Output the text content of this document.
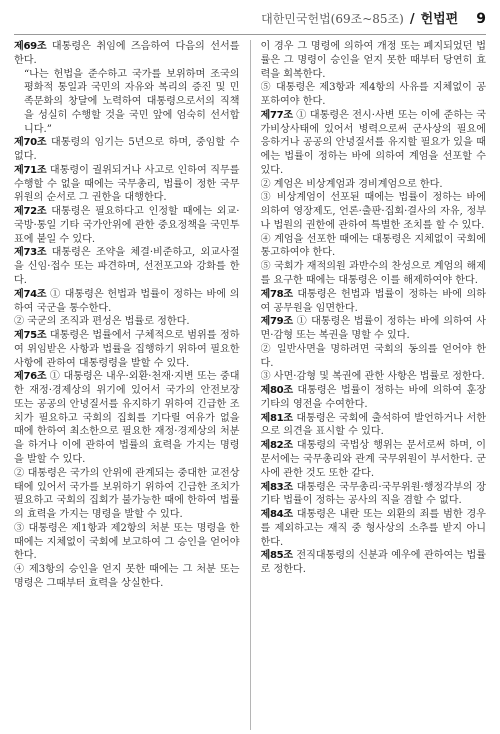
대한민국헌법(69조~85조) / 헌법편 9

제69조 대통령은 취임에 즈음하여 다음의 선서를 한다.

“나는 헌법을 준수하고 국가를 보위하며 조국의 평화적 통일과 국민의 자유와 복리의 증진 및 민족문화의 창달에 노력하여 대통령으로서의 직책을 성실히 수행할 것을 국민 앞에 엄숙히 선서합니다.”

제70조 대통령의 임기는 5년으로 하며, 중임할 수 없다.

제71조 대통령이 궐위되거나 사고로 인하여 직무를 수행할 수 없을 때에는 국무총리, 법률이 정한 국무위원의 순서로 그 권한을 대행한다.

제72조 대통령은 필요하다고 인정할 때에는 외교·국방·통일 기타 국가안위에 관한 중요정책을 국민투표에 붙일 수 있다.

제73조 대통령은 조약을 체결·비준하고, 외교사절을 신임·접수 또는 파견하며, 선전포고와 강화를 한다.

제74조 ① 대통령은 헌법과 법률이 정하는 바에 의하여 국군을 통수한다.

② 국군의 조직과 편성은 법률로 정한다.

제75조 대통령은 법률에서 구체적으로 범위를 정하여 위임받은 사항과 법률을 집행하기 위하여 필요한 사항에 관하여 대통령령을 발할 수 있다.

제76조 ① 대통령은 내우·외환·천재·지변 또는 중대한 재정·경제상의 위기에 있어서 국가의 안전보장 또는 공공의 안녕질서를 유지하기 위하여 긴급한 조치가 필요하고 국회의 집회를 기다릴 여유가 없을 때에 한하여 최소한으로 필요한 재정·경제상의 처분을 하거나 이에 관하여 법률의 효력을 가지는 명령을 발할 수 있다.

② 대통령은 국가의 안위에 관계되는 중대한 교전상태에 있어서 국가를 보위하기 위하여 긴급한 조치가 필요하고 국회의 집회가 불가능한 때에 한하여 법률의 효력을 가지는 명령을 발할 수 있다.

③ 대통령은 제1항과 제2항의 처분 또는 명령을 한 때에는 지체없이 국회에 보고하여 그 승인을 얻어야 한다.

④ 제3항의 승인을 얻지 못한 때에는 그 처분 또는 명령은 그때부터 효력을 상실한다.

이 경우 그 명령에 의하여 개정 또는 폐지되었던 법률은 그 명령이 승인을 얻지 못한 때부터 당연히 효력을 회복한다.

⑤ 대통령은 제3항과 제4항의 사유를 지체없이 공포하여야 한다.

제77조 ① 대통령은 전시·사변 또는 이에 준하는 국가비상사태에 있어서 병력으로써 군사상의 필요에 응하거나 공공의 안녕질서를 유지할 필요가 있을 때에는 법률이 정하는 바에 의하여 계엄을 선포할 수 있다.

② 계엄은 비상계엄과 경비계엄으로 한다.

③ 비상계엄이 선포된 때에는 법률이 정하는 바에 의하여 영장제도, 언론·출판·집회·결사의 자유, 정부나 법원의 권한에 관하여 특별한 조치를 할 수 있다.

④ 계엄을 선포한 때에는 대통령은 지체없이 국회에 통고하여야 한다.

⑤ 국회가 재적의원 과반수의 찬성으로 계엄의 해제를 요구한 때에는 대통령은 이를 해제하여야 한다.

제78조 대통령은 헌법과 법률이 정하는 바에 의하여 공무원을 임면한다.

제79조 ① 대통령은 법률이 정하는 바에 의하여 사면·감형 또는 복권을 명할 수 있다.

② 일반사면을 명하려면 국회의 동의를 얻어야 한다.

③ 사면·감형 및 복권에 관한 사항은 법률로 정한다.

제80조 대통령은 법률이 정하는 바에 의하여 훈장 기타의 영전을 수여한다.

제81조 대통령은 국회에 출석하여 발언하거나 서한으로 의견을 표시할 수 있다.

제82조 대통령의 국법상 행위는 문서로써 하며, 이 문서에는 국무총리와 관계 국무위원이 부서한다. 군사에 관한 것도 또한 같다.

제83조 대통령은 국무총리·국무위원·행정각부의 장 기타 법률이 정하는 공사의 직을 겸할 수 없다.

제84조 대통령은 내란 또는 외환의 죄를 범한 경우를 제외하고는 재직 중 형사상의 소추를 받지 아니한다.

제85조 전직대통령의 신분과 예우에 관하여는 법률로 정한다.
